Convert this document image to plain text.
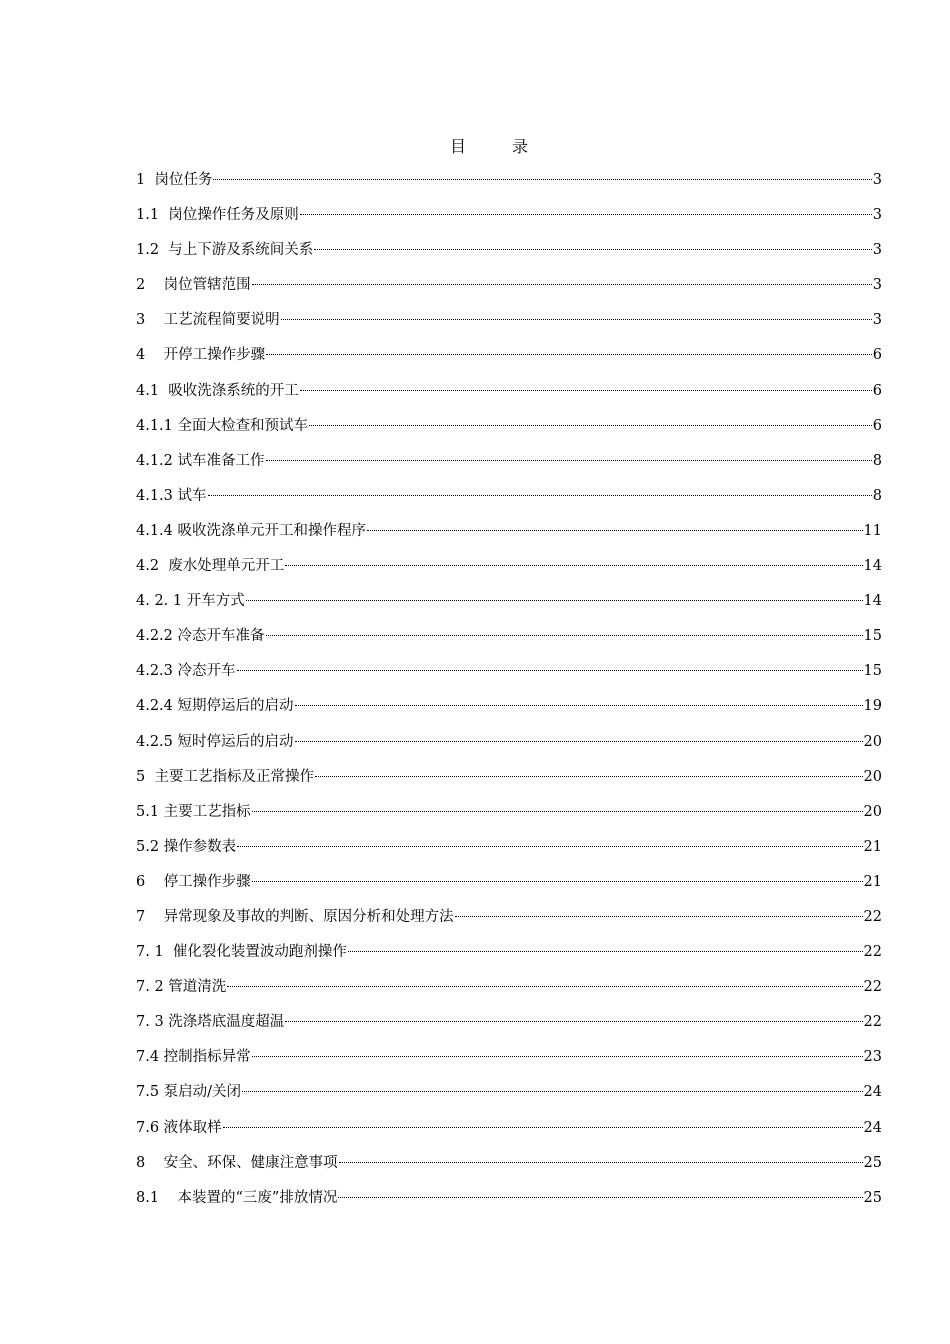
目	录
1  岗位任务	3
1.1  岗位操作任务及原则	3
1.2  与上下游及系统间关系	3
2    岗位管辖范围	3
3    工艺流程简要说明	3
4    开停工操作步骤	6
4.1  吸收洗涤系统的开工	6
4.1.1 全面大检查和预试车	6
4.1.2 试车准备工作	8
4.1.3 试车	8
4.1.4 吸收洗涤单元开工和操作程序	11
4.2  废水处理单元开工	14
4. 2. 1 开车方式	14
4.2.2 冷态开车准备	15
4.2.3 冷态开车	15
4.2.4 短期停运后的启动	19
4.2.5 短时停运后的启动	20
5  主要工艺指标及正常操作	20
5.1 主要工艺指标	20
5.2 操作参数表	21
6    停工操作步骤	21
7    异常现象及事故的判断、原因分析和处理方法	22
7. 1  催化裂化装置波动跑剂操作	22
7. 2 管道清洗	22
7. 3 洗涤塔底温度超温	22
7.4 控制指标异常	23
7.5 泵启动/关闭	24
7.6 液体取样	24
8    安全、环保、健康注意事项	25
8.1    本装置的“三废”排放情况	25
